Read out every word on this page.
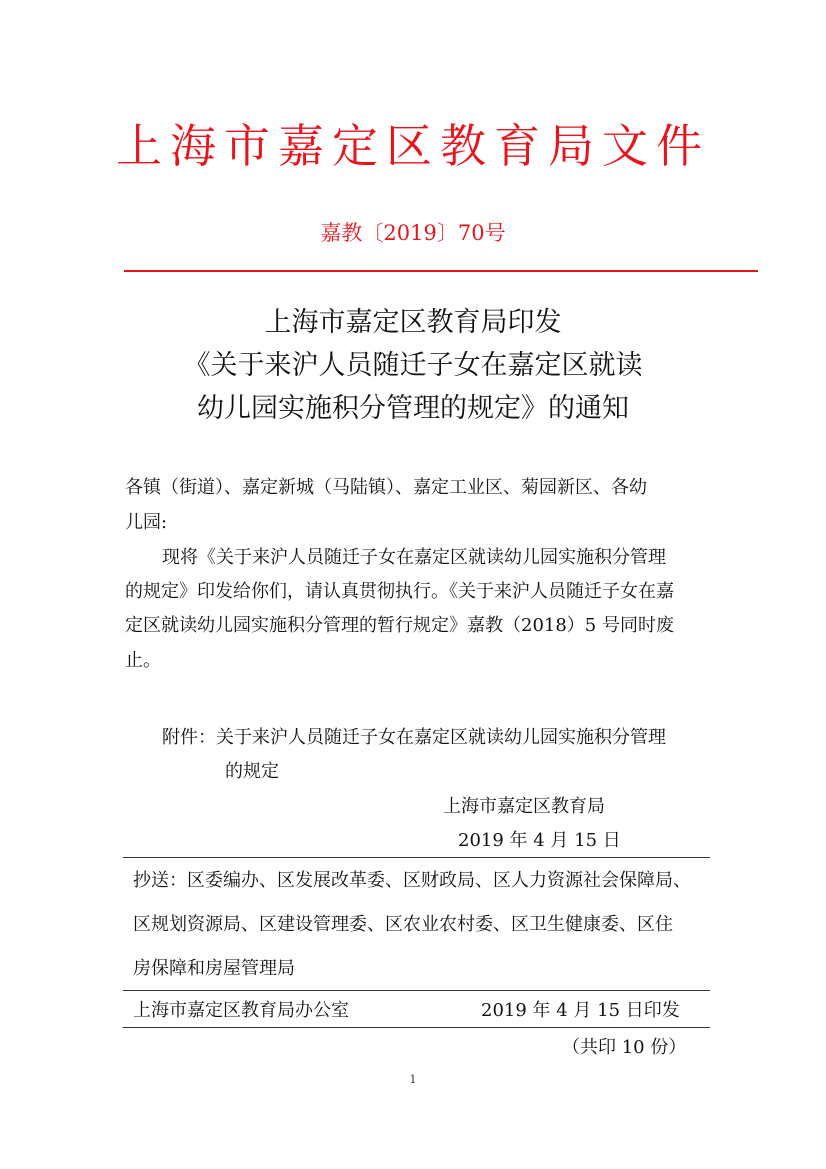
上海市嘉定区教育局文件
嘉教〔2019〕70号
上海市嘉定区教育局印发
《关于来沪人员随迁子女在嘉定区就读
幼儿园实施积分管理的规定》的通知
各镇（街道）、嘉定新城（马陆镇）、嘉定工业区、菊园新区、各幼
儿园:
现将《关于来沪人员随迁子女在嘉定区就读幼儿园实施积分管理
的规定》印发给你们，请认真贯彻执行。《关于来沪人员随迁子女在嘉
定区就读幼儿园实施积分管理的暂行规定》嘉教（2018）5 号同时废
止。
附件：关于来沪人员随迁子女在嘉定区就读幼儿园实施积分管理
的规定
上海市嘉定区教育局
2019 年 4 月 15 日
抄送：区委编办、区发展改革委、区财政局、区人力资源社会保障局、
区规划资源局、区建设管理委、区农业农村委、区卫生健康委、区住
房保障和房屋管理局
上海市嘉定区教育局办公室	2019 年 4 月 15 日印发
（共印 10 份）
1
